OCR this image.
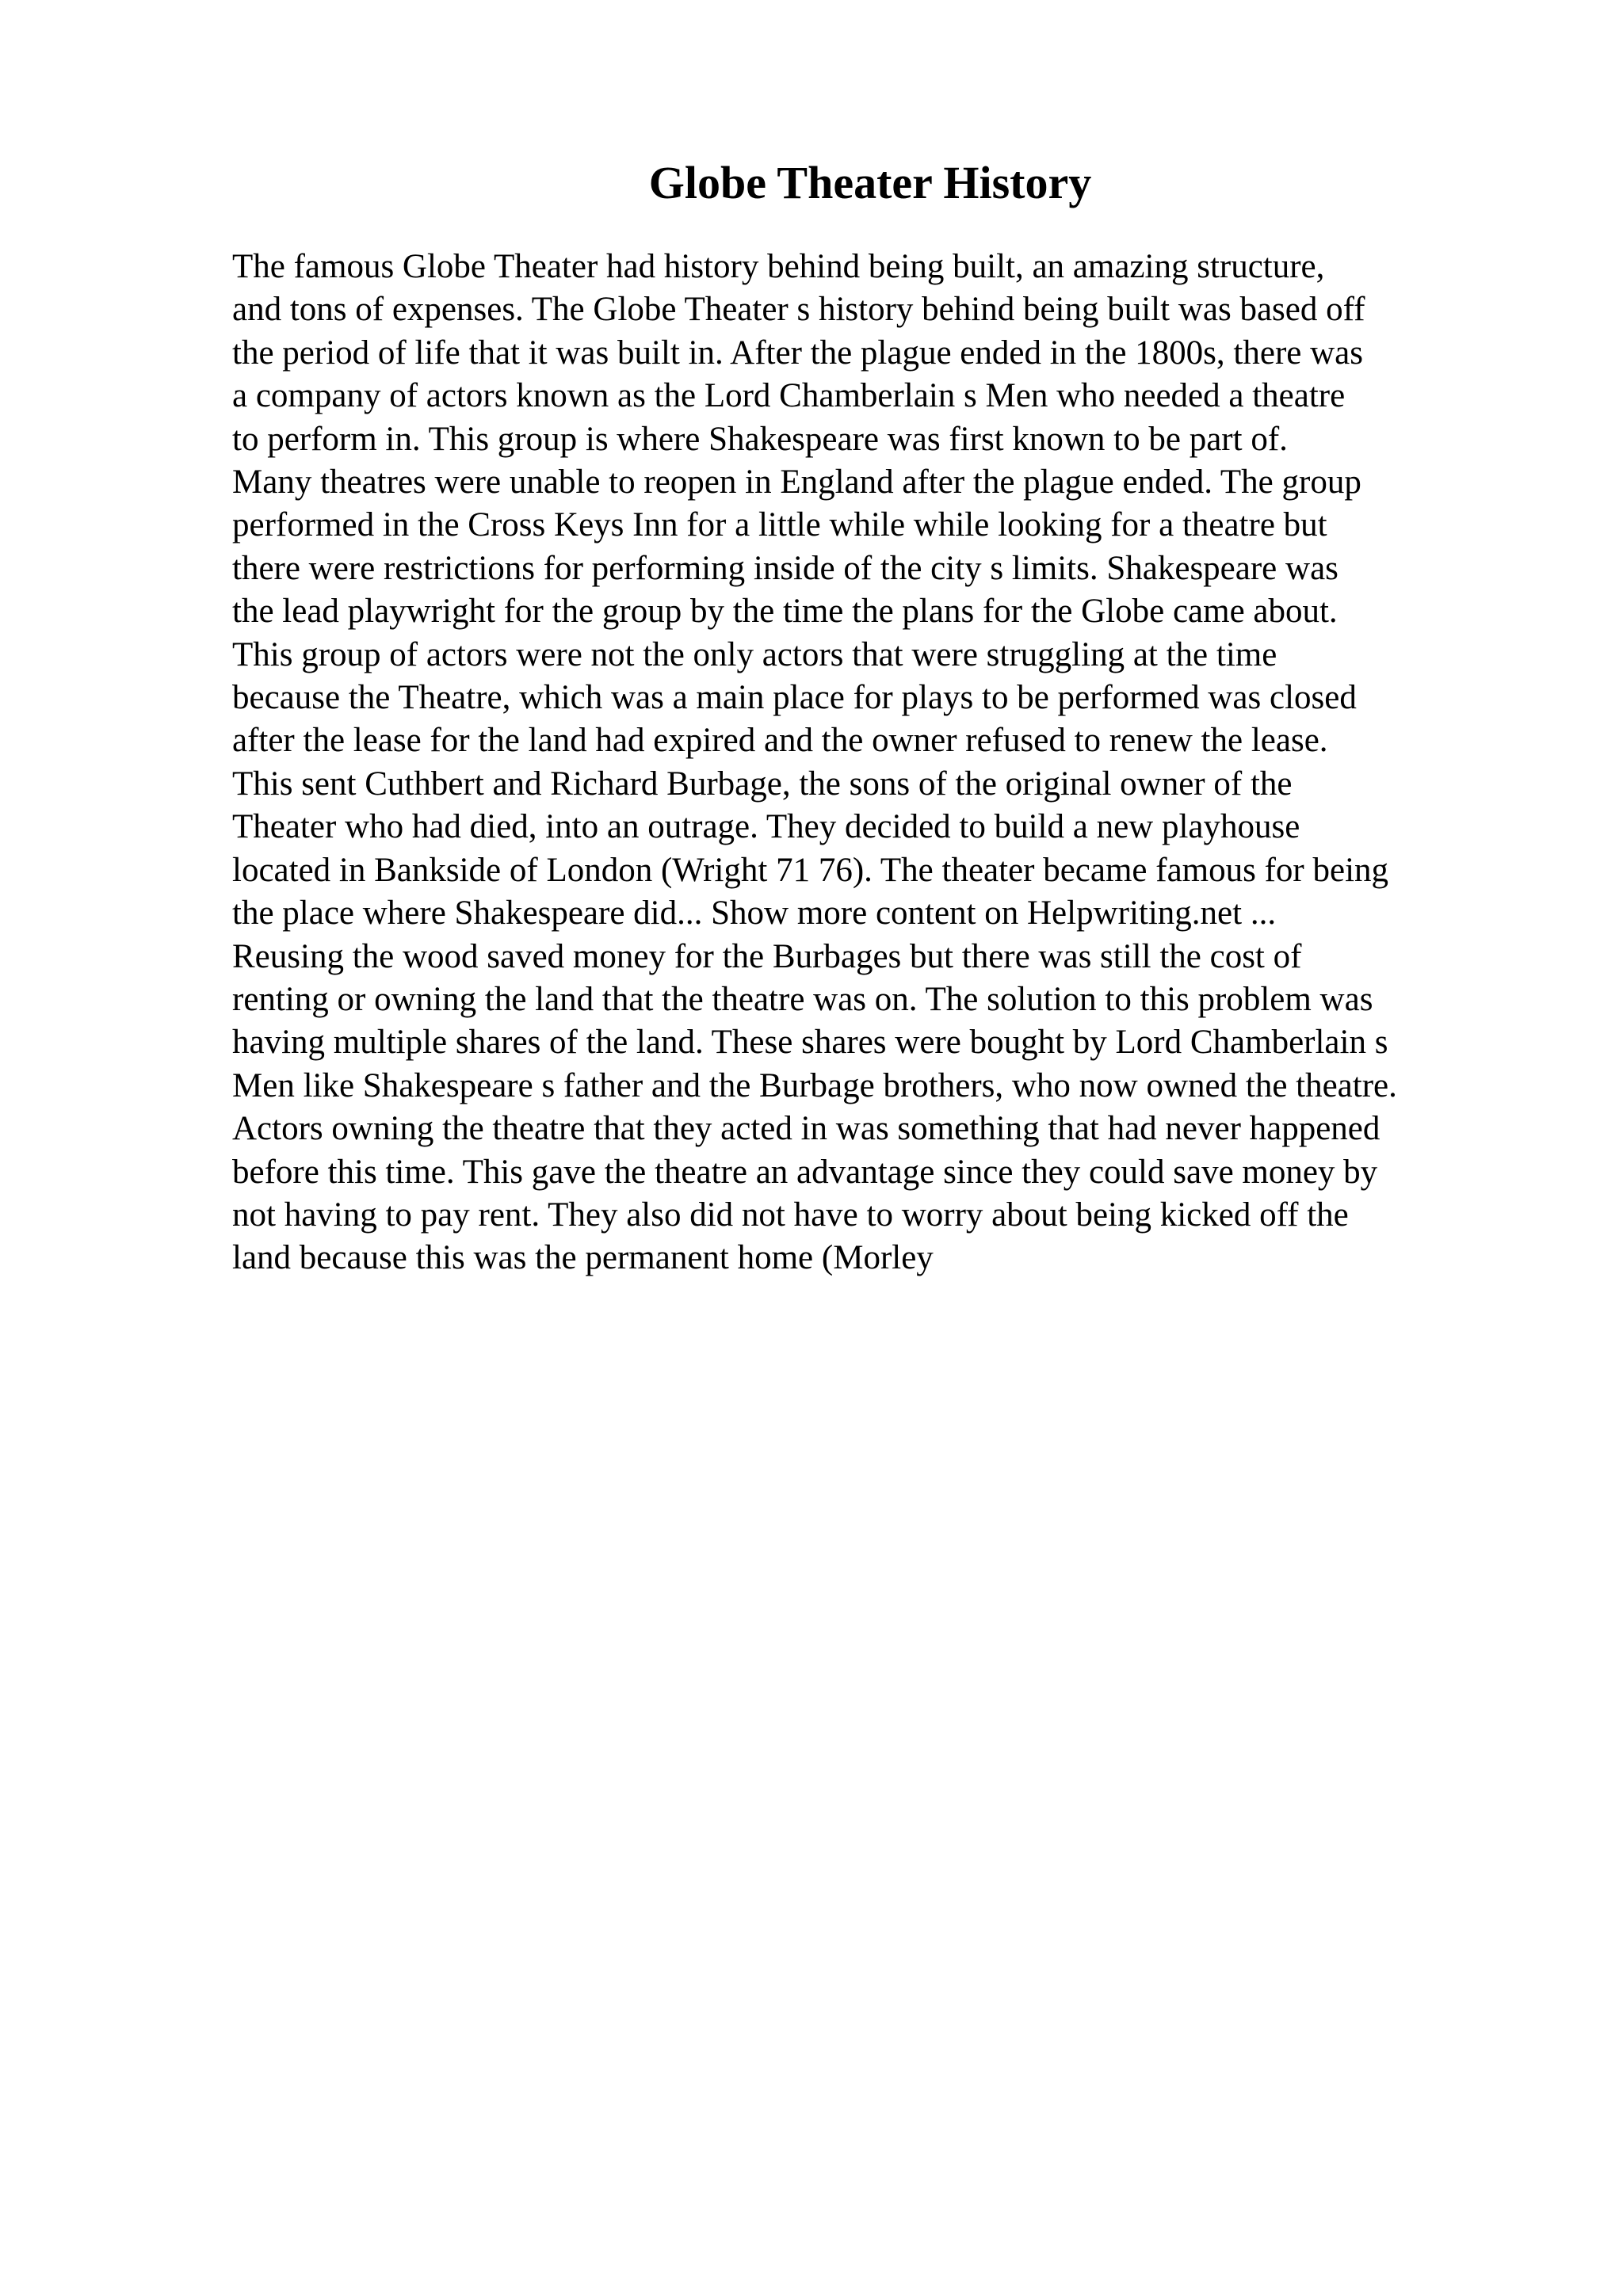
Globe Theater History
The famous Globe Theater had history behind being built, an amazing structure,
and tons of expenses. The Globe Theater s history behind being built was based off
the period of life that it was built in. After the plague ended in the 1800s, there was
a company of actors known as the Lord Chamberlain s Men who needed a theatre
to perform in. This group is where Shakespeare was first known to be part of.
Many theatres were unable to reopen in England after the plague ended. The group
performed in the Cross Keys Inn for a little while while looking for a theatre but
there were restrictions for performing inside of the city s limits. Shakespeare was
the lead playwright for the group by the time the plans for the Globe came about.
This group of actors were not the only actors that were struggling at the time
because the Theatre, which was a main place for plays to be performed was closed
after the lease for the land had expired and the owner refused to renew the lease.
This sent Cuthbert and Richard Burbage, the sons of the original owner of the
Theater who had died, into an outrage. They decided to build a new playhouse
located in Bankside of London (Wright 71 76). The theater became famous for being
the place where Shakespeare did... Show more content on Helpwriting.net ...
Reusing the wood saved money for the Burbages but there was still the cost of
renting or owning the land that the theatre was on. The solution to this problem was
having multiple shares of the land. These shares were bought by Lord Chamberlain s
Men like Shakespeare s father and the Burbage brothers, who now owned the theatre.
Actors owning the theatre that they acted in was something that had never happened
before this time. This gave the theatre an advantage since they could save money by
not having to pay rent. They also did not have to worry about being kicked off the
land because this was the permanent home (Morley
